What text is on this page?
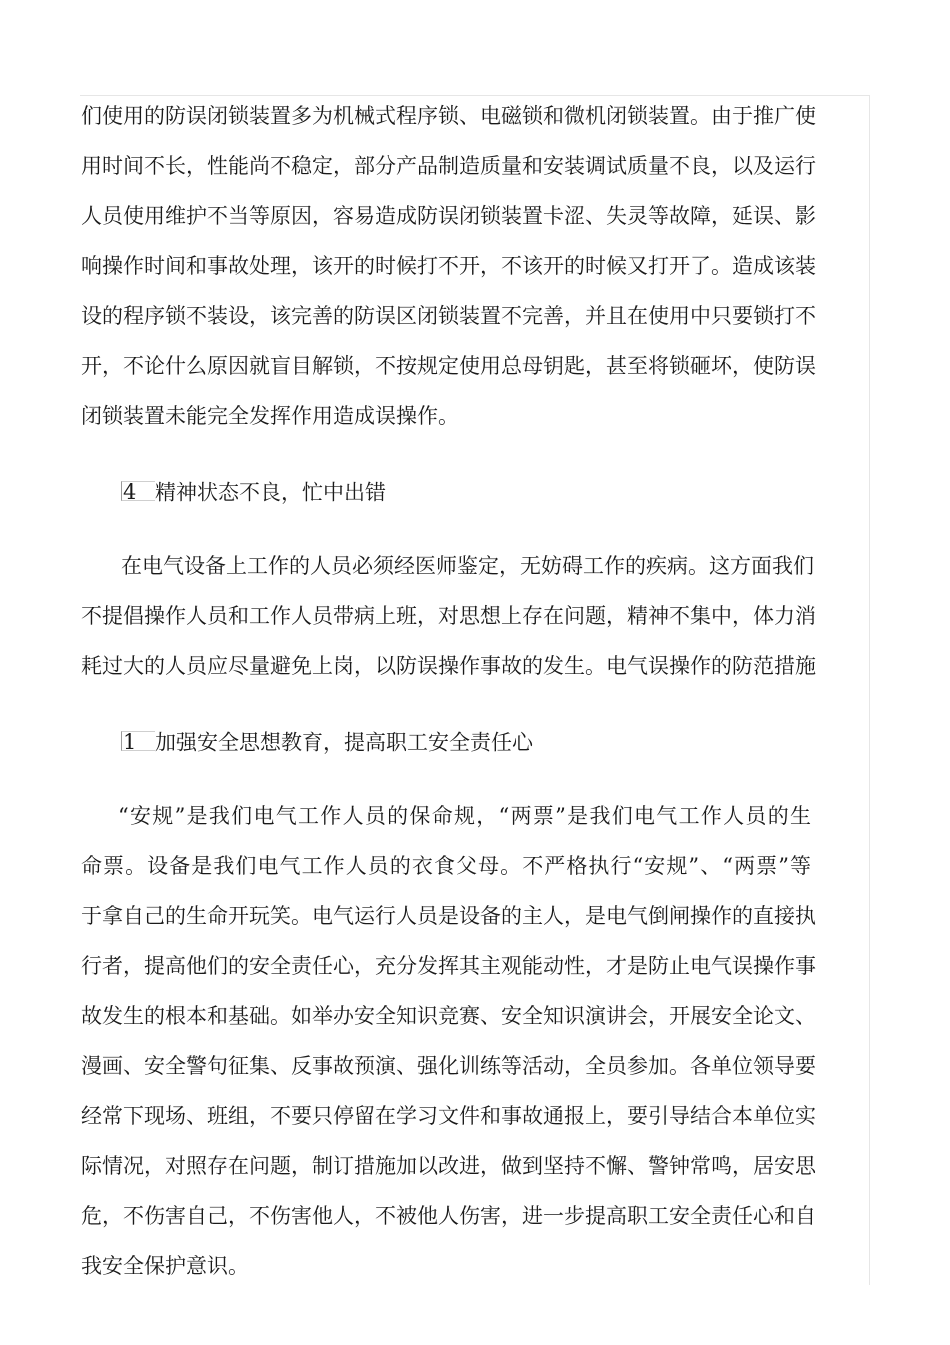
们使用的防误闭锁装置多为机械式程序锁、电磁锁和微机闭锁装置。由于推广使
用时间不长，性能尚不稳定，部分产品制造质量和安装调试质量不良，以及运行
人员使用维护不当等原因，容易造成防误闭锁装置卡涩、失灵等故障，延误、影
响操作时间和事故处理，该开的时候打不开，不该开的时候又打开了。造成该装
设的程序锁不装设，该完善的防误区闭锁装置不完善，并且在使用中只要锁打不
开，不论什么原因就盲目解锁，不按规定使用总母钥匙，甚至将锁砸坏，使防误
闭锁装置未能完全发挥作用造成误操作。
4 精神状态不良，忙中出错
在电气设备上工作的人员必须经医师鉴定，无妨碍工作的疾病。这方面我们
不提倡操作人员和工作人员带病上班，对思想上存在问题，精神不集中，体力消
耗过大的人员应尽量避免上岗，以防误操作事故的发生。电气误操作的防范措施
1 加强安全思想教育，提高职工安全责任心
“安规”是我们电气工作人员的保命规，“两票”是我们电气工作人员的生
命票。设备是我们电气工作人员的衣食父母。不严格执行“安规”、“两票”等
于拿自己的生命开玩笑。电气运行人员是设备的主人，是电气倒闸操作的直接执
行者，提高他们的安全责任心，充分发挥其主观能动性，才是防止电气误操作事
故发生的根本和基础。如举办安全知识竞赛、安全知识演讲会，开展安全论文、
漫画、安全警句征集、反事故预演、强化训练等活动，全员参加。各单位领导要
经常下现场、班组，不要只停留在学习文件和事故通报上，要引导结合本单位实
际情况，对照存在问题，制订措施加以改进，做到坚持不懈、警钟常鸣，居安思
危，不伤害自己，不伤害他人，不被他人伤害，进一步提高职工安全责任心和自
我安全保护意识。
